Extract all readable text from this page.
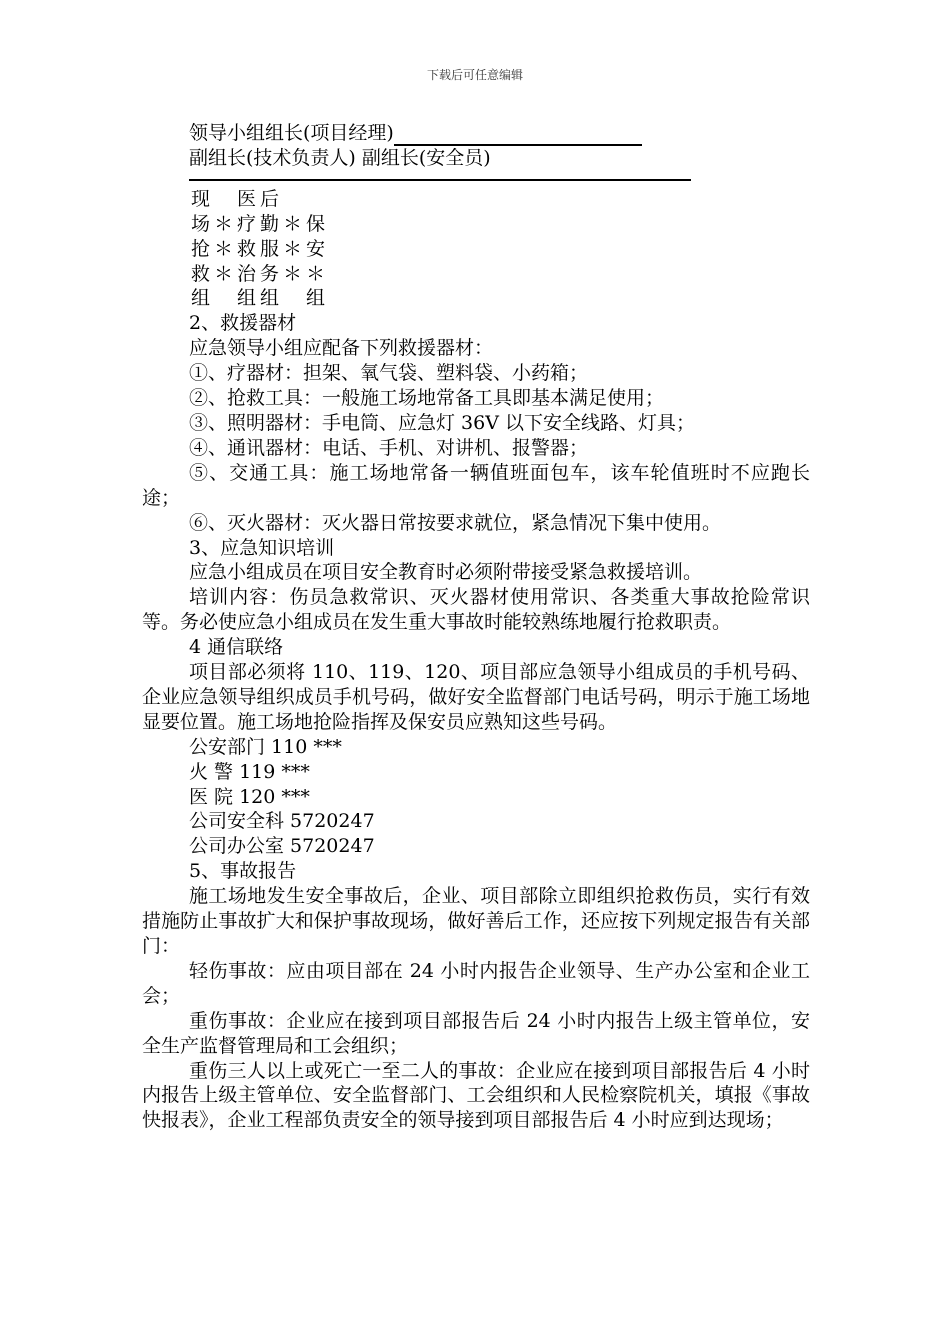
下载后可任意编辑

领导小组组长(项目经理)

副组长(技术负责人) 副组长(安全员)

现		医	后			
场	＊	疗	勤	＊	保	
抢	＊	救	服	＊	安	
救	＊	治	务	＊	＊	
组		组	组		组	

2、救援器材

应急领导小组应配备下列救援器材：

①、疗器材：担架、氧气袋、塑料袋、小药箱；

②、抢救工具：一般施工场地常备工具即基本满足使用；

③、照明器材：手电筒、应急灯 36V 以下安全线路、灯具；

④、通讯器材：电话、手机、对讲机、报警器；

⑤、交通工具：施工场地常备一辆值班面包车，该车轮值班时不应跑长途；

⑥、灭火器材：灭火器日常按要求就位，紧急情况下集中使用。

3、应急知识培训

应急小组成员在项目安全教育时必须附带接受紧急救援培训。

培训内容：伤员急救常识、灭火器材使用常识、各类重大事故抢险常识等。务必使应急小组成员在发生重大事故时能较熟练地履行抢救职责。

4 通信联络

项目部必须将 110、119、120、项目部应急领导小组成员的手机号码、企业应急领导组织成员手机号码，做好安全监督部门电话号码，明示于施工场地显要位置。施工场地抢险指挥及保安员应熟知这些号码。

公安部门 110 ***

火 警 119 ***

医 院 120 ***

公司安全科 5720247

公司办公室 5720247

5、事故报告

施工场地发生安全事故后，企业、项目部除立即组织抢救伤员，实行有效措施防止事故扩大和保护事故现场，做好善后工作，还应按下列规定报告有关部门：

轻伤事故：应由项目部在 24 小时内报告企业领导、生产办公室和企业工会；

重伤事故：企业应在接到项目部报告后 24 小时内报告上级主管单位，安全生产监督管理局和工会组织；

重伤三人以上或死亡一至二人的事故：企业应在接到项目部报告后 4 小时内报告上级主管单位、安全监督部门、工会组织和人民检察院机关，填报《事故快报表》，企业工程部负责安全的领导接到项目部报告后 4 小时应到达现场；
